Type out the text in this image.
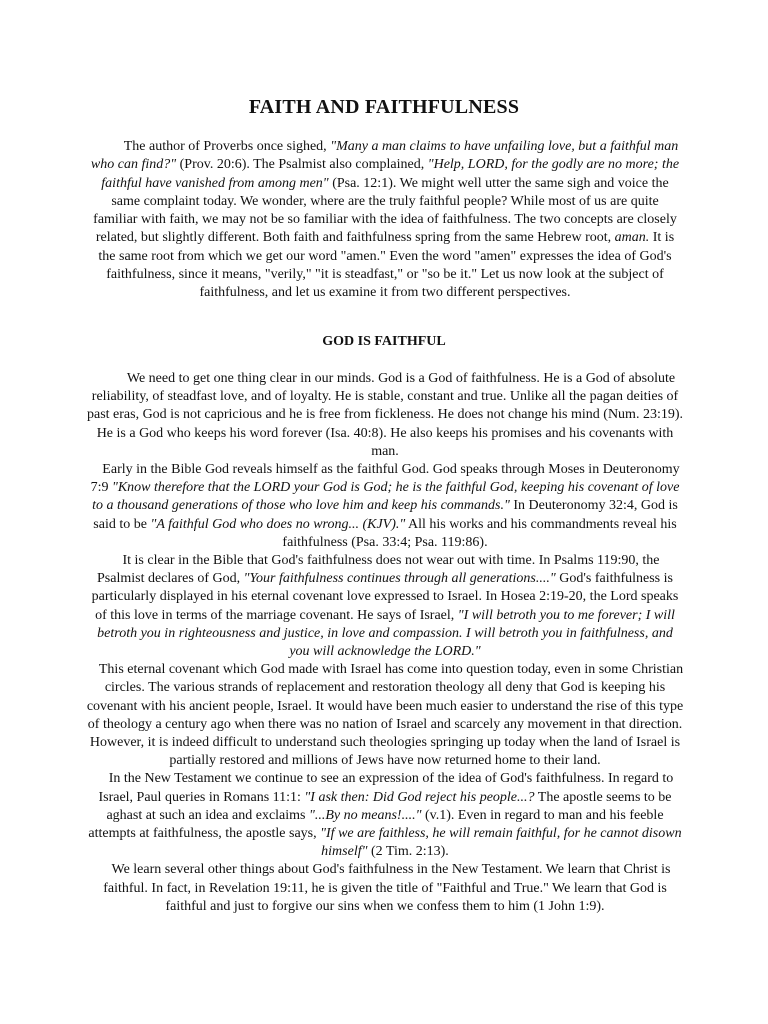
FAITH AND FAITHFULNESS

The author of Proverbs once sighed, "Many a man claims to have unfailing love, but a faithful man who can find?" (Prov. 20:6). The Psalmist also complained, "Help, LORD, for the godly are no more; the faithful have vanished from among men" (Psa. 12:1). We might well utter the same sigh and voice the same complaint today. We wonder, where are the truly faithful people? While most of us are quite familiar with faith, we may not be so familiar with the idea of faithfulness. The two concepts are closely related, but slightly different. Both faith and faithfulness spring from the same Hebrew root, aman. It is the same root from which we get our word "amen." Even the word "amen" expresses the idea of God's faithfulness, since it means, "verily," "it is steadfast," or "so be it." Let us now look at the subject of faithfulness, and let us examine it from two different perspectives.

GOD IS FAITHFUL

We need to get one thing clear in our minds. God is a God of faithfulness. He is a God of absolute reliability, of steadfast love, and of loyalty. He is stable, constant and true. Unlike all the pagan deities of past eras, God is not capricious and he is free from fickleness. He does not change his mind (Num. 23:19). He is a God who keeps his word forever (Isa. 40:8). He also keeps his promises and his covenants with man.

Early in the Bible God reveals himself as the faithful God. God speaks through Moses in Deuteronomy 7:9 "Know therefore that the LORD your God is God; he is the faithful God, keeping his covenant of love to a thousand generations of those who love him and keep his commands." In Deuteronomy 32:4, God is said to be "A faithful God who does no wrong... (KJV)." All his works and his commandments reveal his faithfulness (Psa. 33:4; Psa. 119:86).

It is clear in the Bible that God's faithfulness does not wear out with time. In Psalms 119:90, the Psalmist declares of God, "Your faithfulness continues through all generations...." God's faithfulness is particularly displayed in his eternal covenant love expressed to Israel. In Hosea 2:19-20, the Lord speaks of this love in terms of the marriage covenant. He says of Israel, "I will betroth you to me forever; I will betroth you in righteousness and justice, in love and compassion. I will betroth you in faithfulness, and you will acknowledge the LORD."

This eternal covenant which God made with Israel has come into question today, even in some Christian circles. The various strands of replacement and restoration theology all deny that God is keeping his covenant with his ancient people, Israel. It would have been much easier to understand the rise of this type of theology a century ago when there was no nation of Israel and scarcely any movement in that direction. However, it is indeed difficult to understand such theologies springing up today when the land of Israel is partially restored and millions of Jews have now returned home to their land.

In the New Testament we continue to see an expression of the idea of God's faithfulness. In regard to Israel, Paul queries in Romans 11:1: "I ask then: Did God reject his people...? The apostle seems to be aghast at such an idea and exclaims "...By no means!...." (v.1). Even in regard to man and his feeble attempts at faithfulness, the apostle says, "If we are faithless, he will remain faithful, for he cannot disown himself" (2 Tim. 2:13).

We learn several other things about God's faithfulness in the New Testament. We learn that Christ is faithful. In fact, in Revelation 19:11, he is given the title of "Faithful and True." We learn that God is faithful and just to forgive our sins when we confess them to him (1 John 1:9).
